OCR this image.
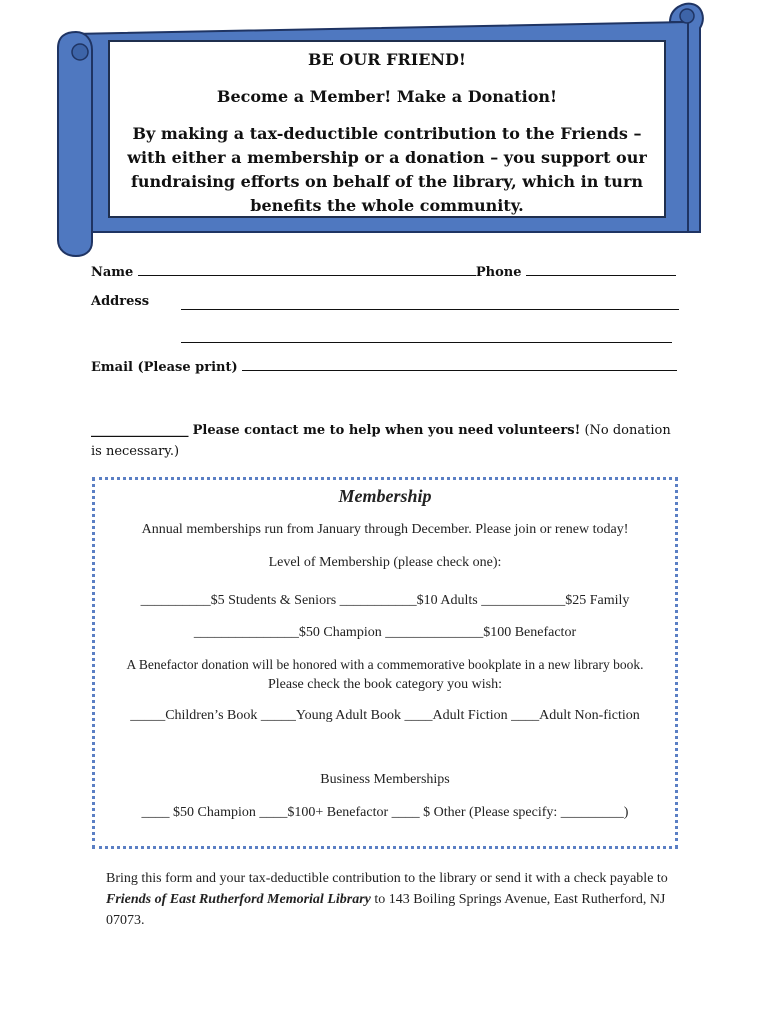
BE OUR FRIEND!
Become a Member! Make a Donation!
By making a tax-deductible contribution to the Friends – with either a membership or a donation – you support our fundraising efforts on behalf of the library, which in turn benefits the whole community.
Name	Phone
Address
Email (Please print)
_______________ Please contact me to help when you need volunteers! (No donation is necessary.)
Membership
Annual memberships run from January through December. Please join or renew today!
Level of Membership (please check one):
__________$5 Students & Seniors ___________$10 Adults ____________$25 Family
_______________$50 Champion ______________$100 Benefactor
A Benefactor donation will be honored with a commemorative bookplate in a new library book.
Please check the book category you wish:
_____Children’s Book _____Young Adult Book ____Adult Fiction ____Adult Non-fiction
Business Memberships
____ $50 Champion ____$100+ Benefactor ____ $ Other (Please specify: _________)
Bring this form and your tax-deductible contribution to the library or send it with a check payable to Friends of East Rutherford Memorial Library to 143 Boiling Springs Avenue, East Rutherford, NJ 07073.
